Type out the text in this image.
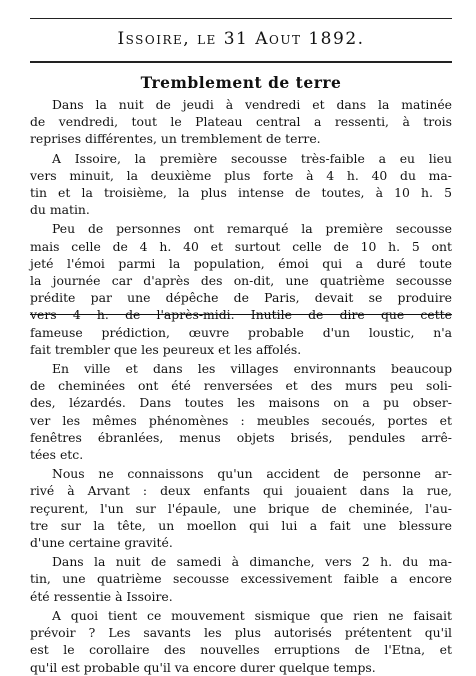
Issoire, le 31 Aout 1892.
Tremblement de terre
Dans la nuit de jeudi à vendredi et dans la matinée
de vendredi, tout le Plateau central a ressenti, à trois
reprises différentes, un tremblement de terre.
A Issoire, la première secousse très-faible a eu lieu
vers minuit, la deuxième plus forte à 4 h. 40 du ma-
tin et la troisième, la plus intense de toutes, à 10 h. 5
du matin.
Peu de personnes ont remarqué la première secousse
mais celle de 4 h. 40 et surtout celle de 10 h. 5 ont
jeté l'émoi parmi la population, émoi qui a duré toute
la journée car d'après des on-dit, une quatrième secousse
prédite par une dépêche de Paris, devait se produire
vers 4 h. de l'après-midi. Inutile de dire que cette
fameuse prédiction, œuvre probable d'un loustic, n'a
fait trembler que les peureux et les affolés.
En ville et dans les villages environnants beaucoup
de cheminées ont été renversées et des murs peu soli-
des, lézardés. Dans toutes les maisons on a pu obser-
ver les mêmes phénomènes : meubles secoués, portes et
fenêtres ébranlées, menus objets brisés, pendules arrê-
tées etc.
Nous ne connaissons qu'un accident de personne ar-
rivé à Arvant : deux enfants qui jouaient dans la rue,
reçurent, l'un sur l'épaule, une brique de cheminée, l'au-
tre sur la tête, un moellon qui lui a fait une blessure
d'une certaine gravité.
Dans la nuit de samedi à dimanche, vers 2 h. du ma-
tin, une quatrième secousse excessivement faible a encore
été ressentie à Issoire.
A quoi tient ce mouvement sismique que rien ne faisait
prévoir ? Les savants les plus autorisés prétentent qu'il
est le corollaire des nouvelles erruptions de l'Etna, et
qu'il est probable qu'il va encore durer quelque temps.
